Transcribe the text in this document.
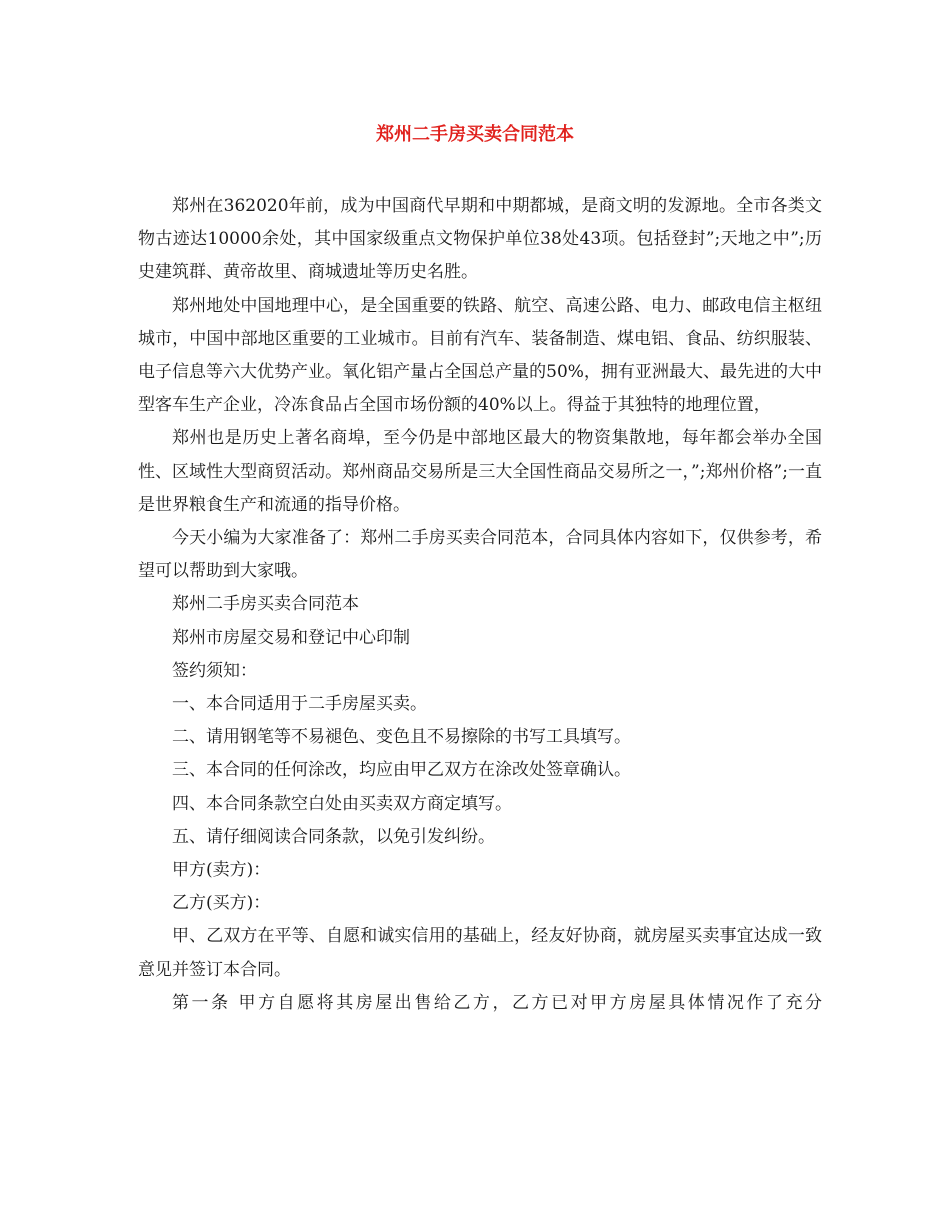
郑州二手房买卖合同范本

郑州在362020年前，成为中国商代早期和中期都城，是商文明的发源地。全市各类文物古迹达10000余处，其中国家级重点文物保护单位38处43项。包括登封”;天地之中”;历史建筑群、黄帝故里、商城遗址等历史名胜。

郑州地处中国地理中心，是全国重要的铁路、航空、高速公路、电力、邮政电信主枢纽城市，中国中部地区重要的工业城市。目前有汽车、装备制造、煤电铝、食品、纺织服装、电子信息等六大优势产业。氧化铝产量占全国总产量的50%，拥有亚洲最大、最先进的大中型客车生产企业，冷冻食品占全国市场份额的40%以上。得益于其独特的地理位置，

郑州也是历史上著名商埠，至今仍是中部地区最大的物资集散地，每年都会举办全国性、区域性大型商贸活动。郑州商品交易所是三大全国性商品交易所之一，”;郑州价格”;一直是世界粮食生产和流通的指导价格。

今天小编为大家准备了：郑州二手房买卖合同范本，合同具体内容如下，仅供参考，希望可以帮助到大家哦。

郑州二手房买卖合同范本

郑州市房屋交易和登记中心印制

签约须知：

一、本合同适用于二手房屋买卖。

二、请用钢笔等不易褪色、变色且不易擦除的书写工具填写。

三、本合同的任何涂改，均应由甲乙双方在涂改处签章确认。

四、本合同条款空白处由买卖双方商定填写。

五、请仔细阅读合同条款，以免引发纠纷。

甲方(卖方)：

乙方(买方)：

甲、乙双方在平等、自愿和诚实信用的基础上，经友好协商，就房屋买卖事宜达成一致意见并签订本合同。

第一条 甲方自愿将其房屋出售给乙方，乙方已对甲方房屋具体情况作了充分
